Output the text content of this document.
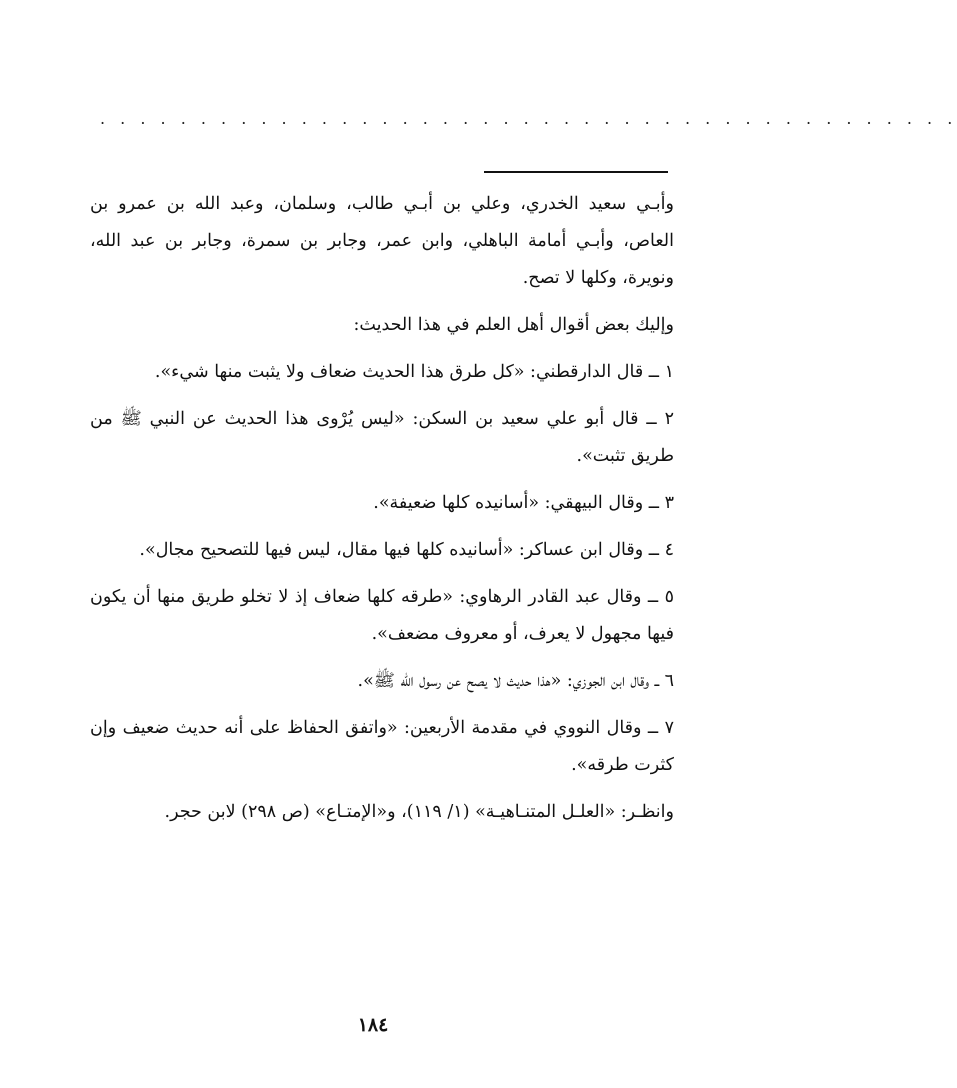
. . . . . . . . . . . . . . . . . . . . . . . . . . . . . . . . . . . . . . . . . . .

وأبـي سعيد الخدري، وعلي بن أبـي طالب، وسلمان، وعبد الله بن عمرو بن العاص، وأبـي أمامة الباهلي، وابن عمر، وجابر بن سمرة، وجابر بن عبد الله، ونويرة، وكلها لا تصح.

وإليك بعض أقوال أهل العلم في هذا الحديث:

١ ــ قال الدارقطني: «كل طرق هذا الحديث ضعاف ولا يثبت منها شيء».

٢ ــ قال أبو علي سعيد بن السكن: «ليس يُرْوى هذا الحديث عن النبي ﷺ من طريق تثبت».

٣ ــ وقال البيهقي: «أسانيده كلها ضعيفة».

٤ ــ وقال ابن عساكر: «أسانيده كلها فيها مقال، ليس فيها للتصحيح مجال».

٥ ــ وقال عبد القادر الرهاوي: «طرقه كلها ضعاف إذ لا تخلو طريق منها أن يكون فيها مجهول لا يعرف، أو معروف مضعف».

٦ ــ وقال ابن الجوزي: «هذا حديث لا يصح عن رسول الله ﷺ».

٧ ــ وقال النووي في مقدمة الأربعين: «واتفق الحفاظ على أنه حديث ضعيف وإن كثرت طرقه».

وانظـر: «العلـل المتنـاهيـة» (١/ ١١٩)، و«الإمتـاع» (ص ٢٩٨) لابن حجر.

١٨٤
